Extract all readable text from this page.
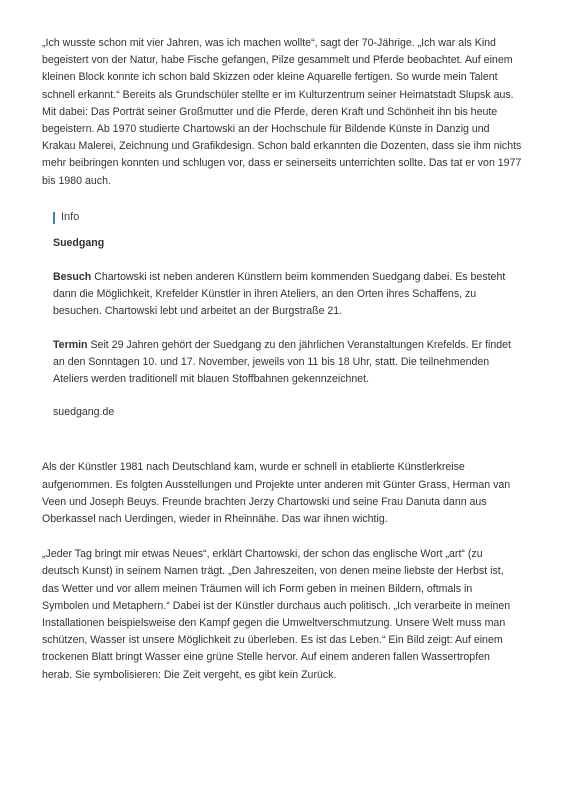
„Ich wusste schon mit vier Jahren, was ich machen wollte“, sagt der 70-Jährige. „Ich war als Kind begeistert von der Natur, habe Fische gefangen, Pilze gesammelt und Pferde beobachtet. Auf einem kleinen Block konnte ich schon bald Skizzen oder kleine Aquarelle fertigen. So wurde mein Talent schnell erkannt.“ Bereits als Grundschüler stellte er im Kulturzentrum seiner Heimatstadt Slupsk aus. Mit dabei: Das Porträt seiner Großmutter und die Pferde, deren Kraft und Schönheit ihn bis heute begeistern. Ab 1970 studierte Chartowski an der Hochschule für Bildende Künste in Danzig und Krakau Malerei, Zeichnung und Grafikdesign. Schon bald erkannten die Dozenten, dass sie ihm nichts mehr beibringen konnten und schlugen vor, dass er seinerseits unterrichten sollte. Das tat er von 1977 bis 1980 auch.

Info

Suedgang

Besuch Chartowski ist neben anderen Künstlern beim kommenden Suedgang dabei. Es besteht dann die Möglichkeit, Krefelder Künstler in ihren Ateliers, an den Orten ihres Schaffens, zu besuchen. Chartowski lebt und arbeitet an der Burgstraße 21.

Termin Seit 29 Jahren gehört der Suedgang zu den jährlichen Veranstaltungen Krefelds. Er findet an den Sonntagen 10. und 17. November, jeweils von 11 bis 18 Uhr, statt. Die teilnehmenden Ateliers werden traditionell mit blauen Stoffbahnen gekennzeichnet.

suedgang.de

Als der Künstler 1981 nach Deutschland kam, wurde er schnell in etablierte Künstlerkreise aufgenommen. Es folgten Ausstellungen und Projekte unter anderen mit Günter Grass, Herman van Veen und Joseph Beuys. Freunde brachten Jerzy Chartowski und seine Frau Danuta dann aus Oberkassel nach Uerdingen, wieder in Rheinnähe. Das war ihnen wichtig.

„Jeder Tag bringt mir etwas Neues“, erklärt Chartowski, der schon das englische Wort „art“ (zu deutsch Kunst) in seinem Namen trägt. „Den Jahreszeiten, von denen meine liebste der Herbst ist, das Wetter und vor allem meinen Träumen will ich Form geben in meinen Bildern, oftmals in Symbolen und Metaphern.“ Dabei ist der Künstler durchaus auch politisch. „Ich verarbeite in meinen Installationen beispielsweise den Kampf gegen die Umweltverschmutzung. Unsere Welt muss man schützen, Wasser ist unsere Möglichkeit zu überleben. Es ist das Leben.“ Ein Bild zeigt: Auf einem trockenen Blatt bringt Wasser eine grüne Stelle hervor. Auf einem anderen fallen Wassertropfen herab. Sie symbolisieren: Die Zeit vergeht, es gibt kein Zurück.
